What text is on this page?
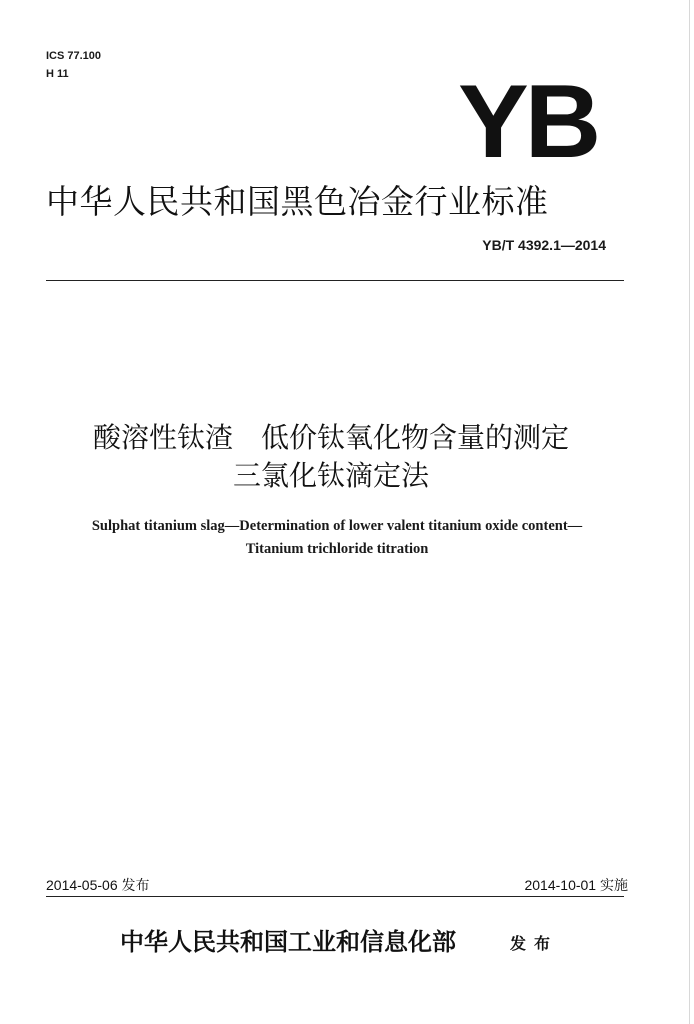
ICS 77.100
H 11	YB
中华人民共和国黑色冶金行业标准
YB/T 4392.1—2014
酸溶性钛渣　低价钛氧化物含量的测定
三氯化钛滴定法
Sulphat titanium slag—Determination of lower valent titanium oxide content—
Titanium trichloride titration
2014-05-06 发布	2014-10-01 实施
中华人民共和国工业和信息化部	发布
